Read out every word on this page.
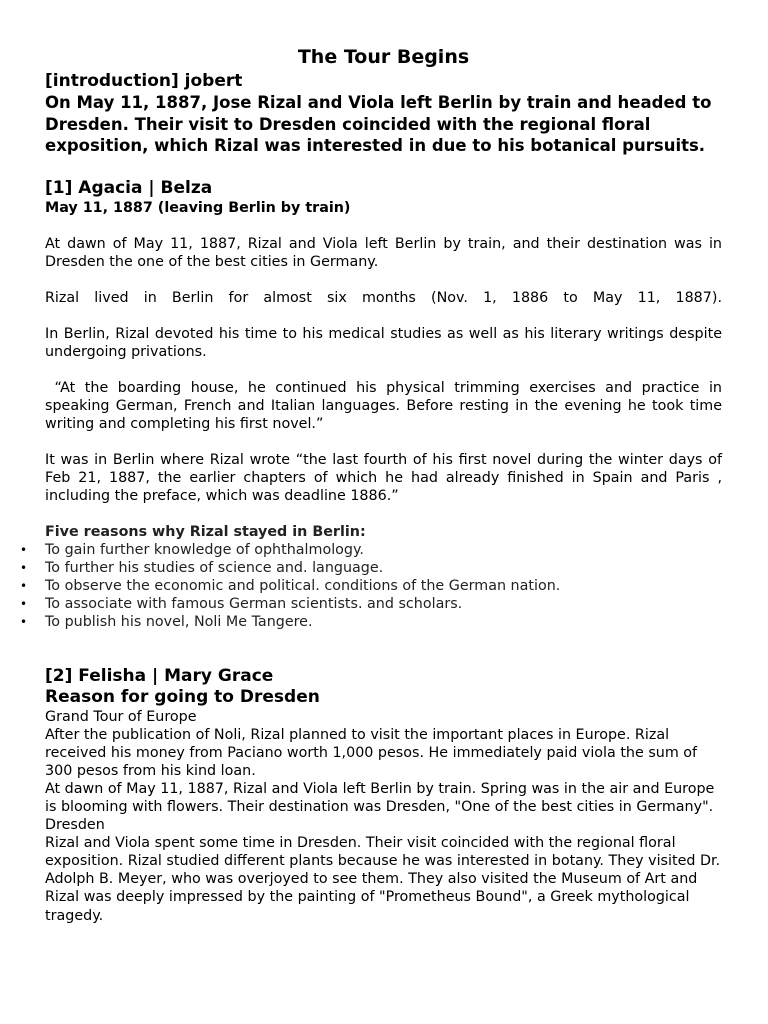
The Tour Begins
[introduction] jobert
On May 11, 1887, Jose Rizal and Viola left Berlin by train and headed to Dresden. Their visit to Dresden coincided with the regional floral exposition, which Rizal was interested in due to his botanical pursuits.
[1] Agacia | Belza
May 11, 1887 (leaving Berlin by train)

At dawn of May 11, 1887, Rizal and Viola left Berlin by train, and their destination was in Dresden the one of the best cities in Germany.

Rizal lived in Berlin for almost six months (Nov. 1, 1886 to May 11, 1887).

In Berlin, Rizal devoted his time to his medical studies as well as his literary writings despite undergoing privations.

“At the boarding house, he continued his physical trimming exercises and practice in speaking German, French and Italian languages. Before resting in the evening he took time writing and completing his first novel.”

It was in Berlin where Rizal wrote “the last fourth of his first novel during the winter days of Feb 21, 1887, the earlier chapters of which he had already finished in Spain and Paris , including the preface, which was deadline 1886.”

Five reasons why Rizal stayed in Berlin:
• To gain further knowledge of ophthalmology.
• To further his studies of science and. language.
• To observe the economic and political. conditions of the German nation.
• To associate with famous German scientists. and scholars.
• To publish his novel, Noli Me Tangere.
[2] Felisha | Mary Grace
Reason for going to Dresden

Grand Tour of Europe

After the publication of Noli, Rizal planned to visit the important places in Europe. Rizal received his money from Paciano worth 1,000 pesos. He immediately paid viola the sum of 300 pesos from his kind loan.

At dawn of May 11, 1887, Rizal and Viola left Berlin by train. Spring was in the air and Europe is blooming with flowers. Their destination was Dresden, "One of the best cities in Germany".

Dresden

Rizal and Viola spent some time in Dresden. Their visit coincided with the regional floral exposition. Rizal studied different plants because he was interested in botany. They visited Dr. Adolph B. Meyer, who was overjoyed to see them. They also visited the Museum of Art and Rizal was deeply impressed by the painting of "Prometheus Bound", a Greek mythological tragedy.
